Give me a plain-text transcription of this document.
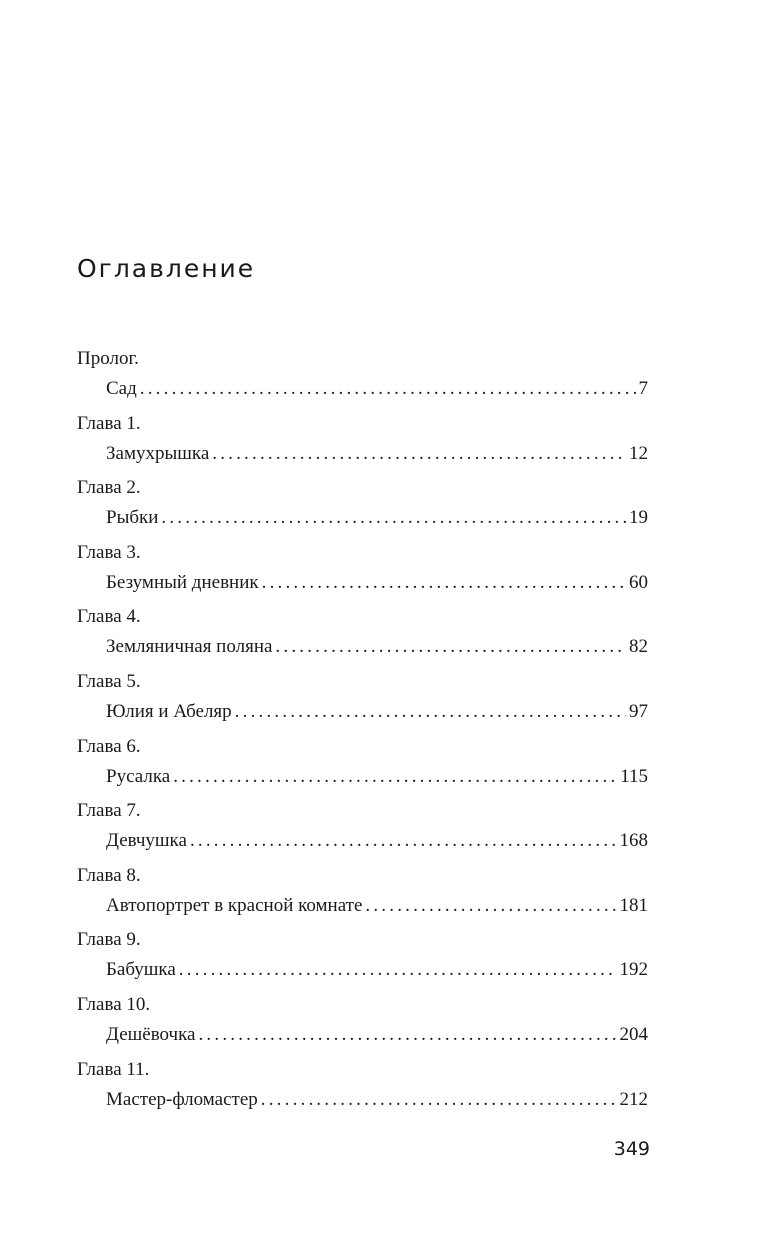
Оглавление
Пролог.
Сад .....	7
Глава 1.
Замухрышка .....	12
Глава 2.
Рыбки .....	19
Глава 3.
Безумный дневник .....	60
Глава 4.
Земляничная поляна .....	82
Глава 5.
Юлия и Абеляр .....	97
Глава 6.
Русалка .....	115
Глава 7.
Девчушка .....	168
Глава 8.
Автопортрет в красной комнате .....	181
Глава 9.
Бабушка .....	192
Глава 10.
Дешёвочка .....	204
Глава 11.
Мастер-фломастер .....	212
349
